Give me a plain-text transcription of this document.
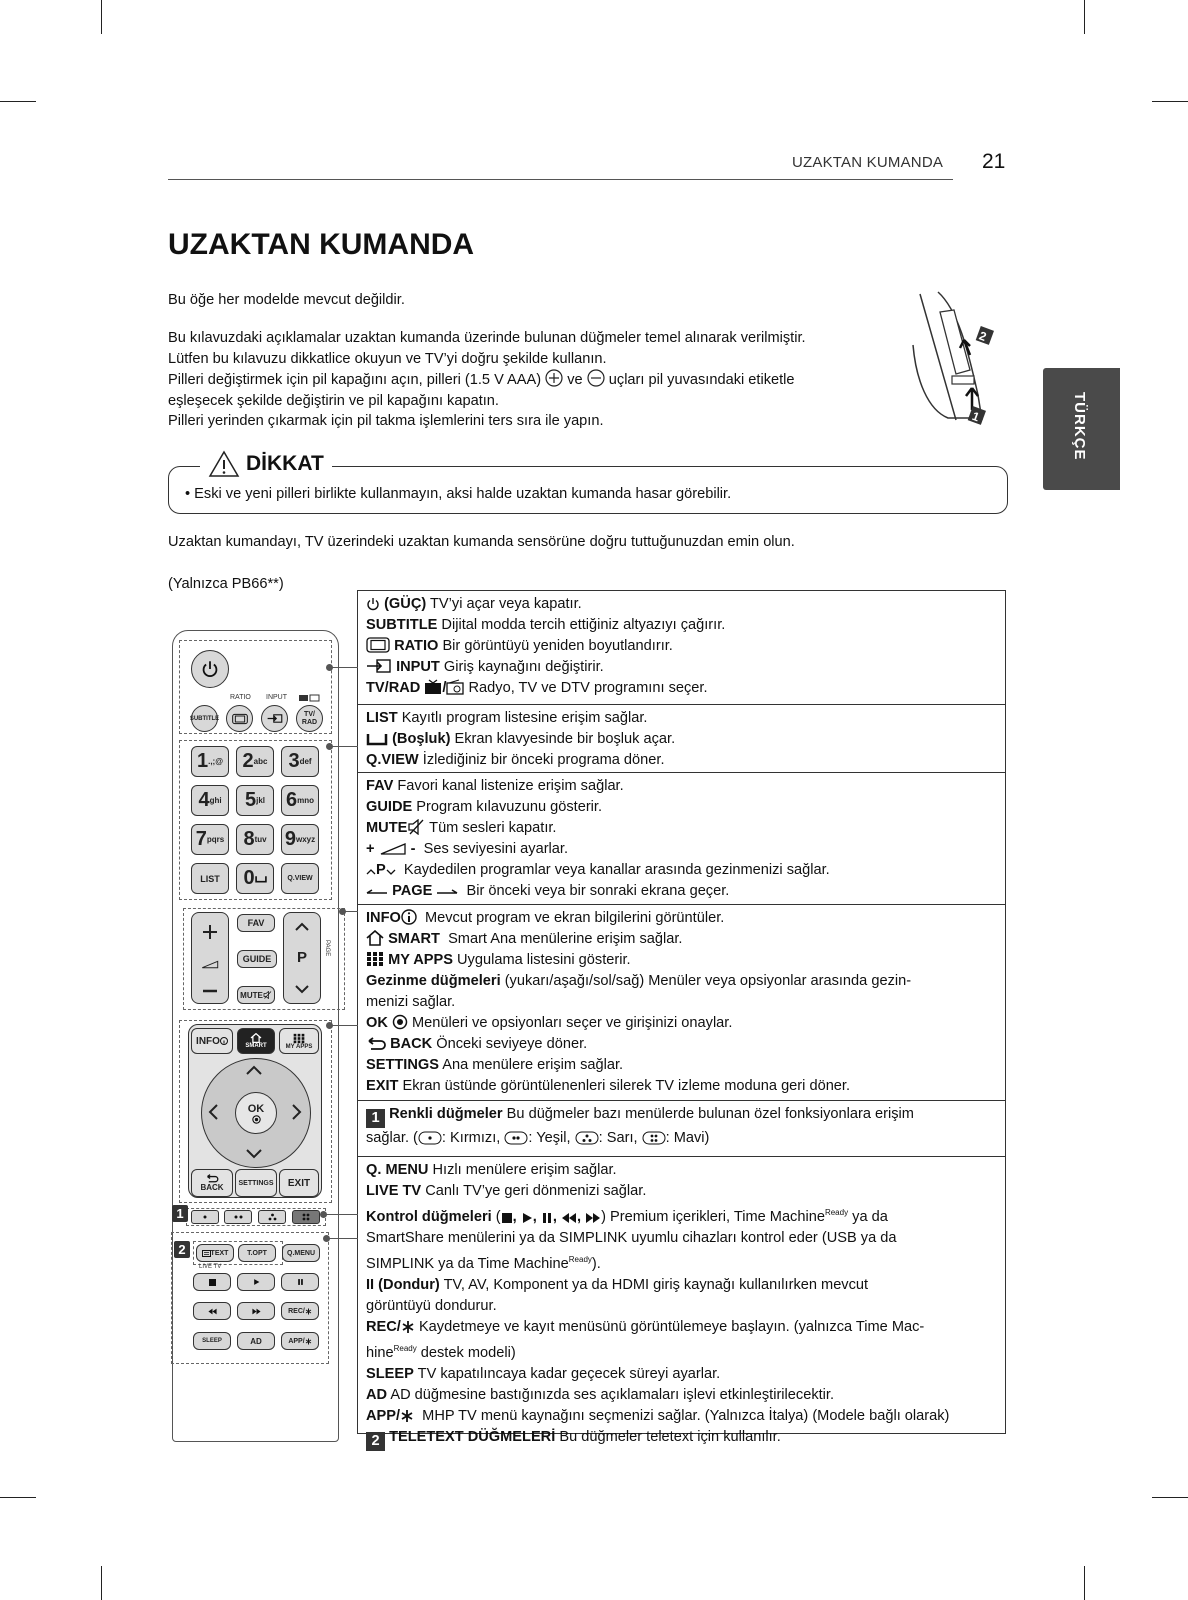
UZAKTAN KUMANDA 21
UZAKTAN KUMANDA
TÜRKÇE
Bu öğe her modelde mevcut değildir.
Bu kılavuzdaki açıklamalar uzaktan kumanda üzerinde bulunan düğmeler temel alınarak verilmiştir.
Lütfen bu kılavuzu dikkatlice okuyun ve TV’yi doğru şekilde kullanın.
Pilleri değiştirmek için pil kapağını açın, pilleri (1.5 V AAA) ve uçları pil yuvasındaki etiketle
eşleşecek şekilde değiştirin ve pil kapağını kapatın.
Pilleri yerinden çıkarmak için pil takma işlemlerini ters sıra ile yapın.
2
1
DİKKAT
• Eski ve yeni pilleri birlikte kullanmayın, aksi halde uzaktan kumanda hasar görebilir.
Uzaktan kumandayı, TV üzerindeki uzaktan kumanda sensörüne doğru tuttuğunuzdan emin olun.
(Yalnızca PB66**)
(GÜÇ) TV’yi açar veya kapatır.
SUBTITLE Dijital modda tercih ettiğiniz altyazıyı çağırır.
RATIO Bir görüntüyü yeniden boyutlandırır.
INPUT Giriş kaynağını değiştirir.
TV/RAD / Radyo, TV ve DTV programını seçer.
LIST Kayıtlı program listesine erişim sağlar.
(Boşluk) Ekran klavyesinde bir boşluk açar.
Q.VIEW İzlediğiniz bir önceki programa döner.
FAV Favori kanal listenize erişim sağlar.
GUIDE Program kılavuzunu gösterir.
MUTE Tüm sesleri kapatır.
+ - Ses seviyesini ayarlar.
P Kaydedilen programlar veya kanallar arasında gezinmenizi sağlar.
PAGE Bir önceki veya bir sonraki ekrana geçer.
INFO Mevcut program ve ekran bilgilerini görüntüler.
SMART Smart Ana menülerine erişim sağlar.
MY APPS Uygulama listesini gösterir.
Gezinme düğmeleri (yukarı/aşağı/sol/sağ) Menüler veya opsiyonlar arasında gezin-
menizi sağlar.
OK Menüleri ve opsiyonları seçer ve girişinizi onaylar.
BACK Önceki seviyeye döner.
SETTINGS Ana menülere erişim sağlar.
EXIT Ekran üstünde görüntülenenleri silerek TV izleme moduna geri döner.
1 Renkli düğmeler Bu düğmeler bazı menülerde bulunan özel fonksiyonlara erişim
sağlar. ( : Kırmızı, : Yeşil, : Sarı, : Mavi)
Q. MENU Hızlı menülere erişim sağlar.
LIVE TV Canlı TV’ye geri dönmenizi sağlar.
Kontrol düğmeleri ( , , , , ) Premium içerikleri, Time Machine$^{Ready}$ ya da
SmartShare menülerini ya da SIMPLINK uyumlu cihazları kontrol eder (USB ya da
SIMPLINK ya da Time Machine$^{Ready}$).
II (Dondur) TV, AV, Komponent ya da HDMI giriş kaynağı kullanılırken mevcut
görüntüyü dondurur.
REC/ Kaydetmeye ve kayıt menüsünü görüntülemeye başlayın. (yalnızca Time Mac-
hine$^{Ready}$ destek modeli)
SLEEP TV kapatılıncaya kadar geçecek süreyi ayarlar.
AD AD düğmesine bastığınızda ses açıklamaları işlevi etkinleştirilecektir.
APP/ MHP TV menü kaynağını seçmenizi sağlar. (Yalnızca İtalya) (Modele bağlı olarak)
2 TELETEXT DÜĞMELERİ Bu düğmeler teletext için kullanılır.
RATIO INPUT
SUBTITLE
TV/
RAD
1 .,;@ 2 abc 3 def
4 ghi 5 jkl 6 mno
7 pqrs 8 tuv 9 wxyz
LIST	0	Q.VIEW
FAV
GUIDE
MUTE
P
PAGE
INFO	SMART	MY APPS
OK
BACK	SETTINGS	EXIT
1
2	TEXT	T.OPT	Q.MENU
LIVE TV
REC/
SLEEP	AD	APP/
